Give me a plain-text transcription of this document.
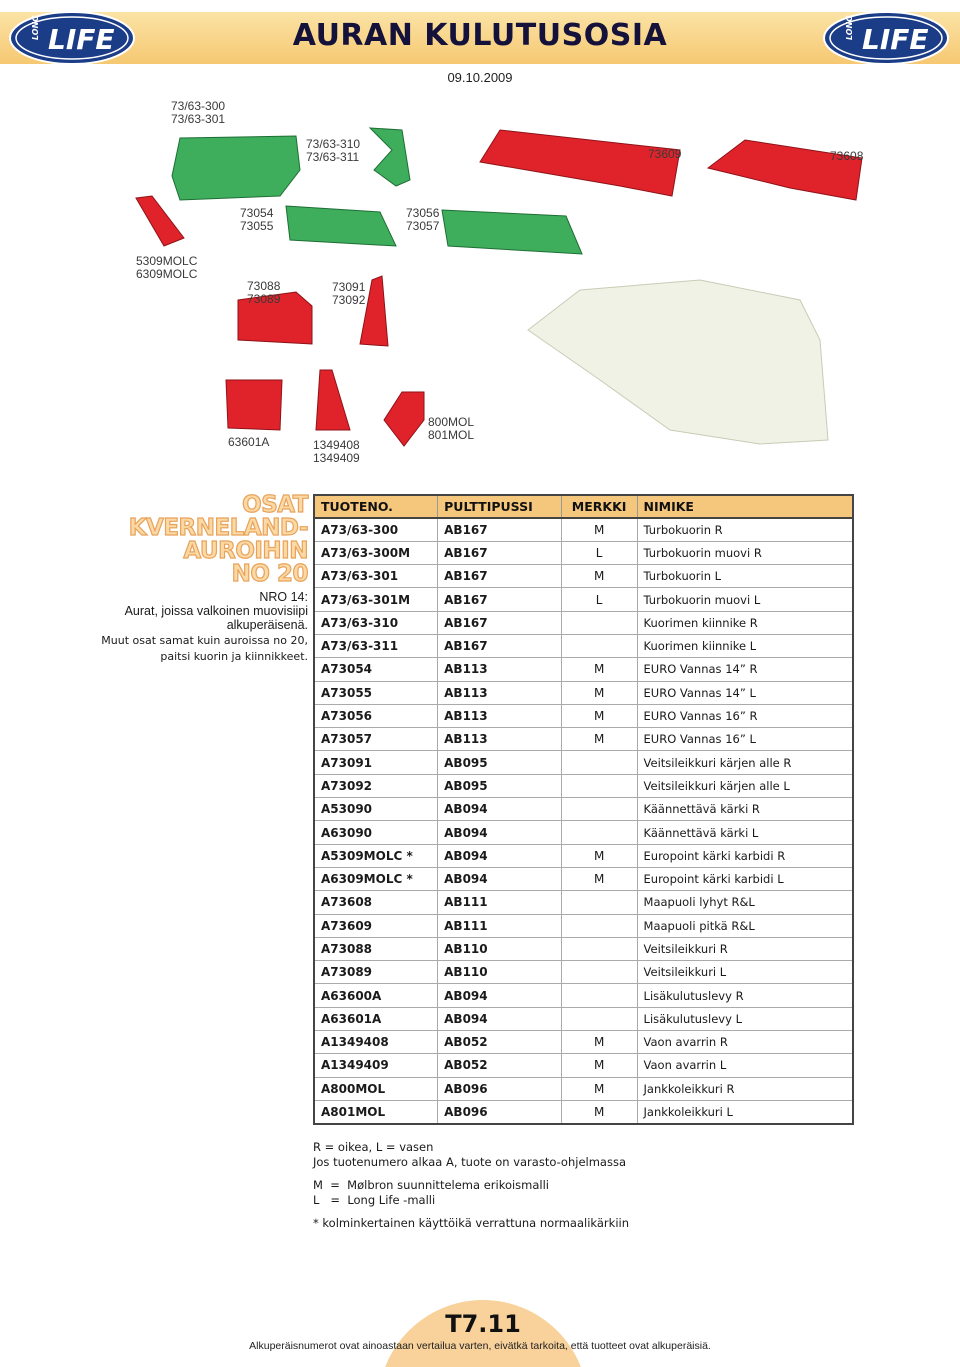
LONG LIFE	LONG LIFE
AURAN KULUTUSOSIA
09.10.2009
73/63-300
73/63-301
73/63-310
73/63-311	73609	73608
73054
73055
73056
73057
5309MOLC
6309MOLC
73088
73089
73091
73092
63601A	1349408
1349409
800MOL
801MOL
OSAT
KVERNELAND-
AUROIHIN
NO 20
NRO 14:
Aurat, joissa valkoinen muovisiipi
alkuperäisenä.
Muut osat samat kuin auroissa no 20,
paitsi kuorin ja kiinnikkeet.
TUOTENO.	PULTTIPUSSI	MERKKI	NIMIKE
A73/63-300	AB167	M	Turbokuorin R
A73/63-300M	AB167	L	Turbokuorin muovi R
A73/63-301	AB167	M	Turbokuorin L
A73/63-301M	AB167	L	Turbokuorin muovi L
A73/63-310	AB167		Kuorimen kiinnike R
A73/63-311	AB167		Kuorimen kiinnike L
A73054	AB113	M	EURO Vannas 14” R
A73055	AB113	M	EURO Vannas 14” L
A73056	AB113	M	EURO Vannas 16” R
A73057	AB113	M	EURO Vannas 16” L
A73091	AB095		Veitsileikkuri kärjen alle R
A73092	AB095		Veitsileikkuri kärjen alle L
A53090	AB094		Käännettävä kärki R
A63090	AB094		Käännettävä kärki L
A5309MOLC *	AB094	M	Europoint kärki karbidi R
A6309MOLC *	AB094	M	Europoint kärki karbidi L
A73608	AB111		Maapuoli lyhyt R&L
A73609	AB111		Maapuoli pitkä R&L
A73088	AB110		Veitsileikkuri R
A73089	AB110		Veitsileikkuri L
A63600A	AB094		Lisäkulutuslevy R
A63601A	AB094		Lisäkulutuslevy L
A1349408	AB052	M	Vaon avarrin R
A1349409	AB052	M	Vaon avarrin L
A800MOL	AB096	M	Jankkoleikkuri R
A801MOL	AB096	M	Jankkoleikkuri L
R = oikea, L = vasen
Jos tuotenumero alkaa A, tuote on varasto-ohjelmassa
M  =  Mølbron suunnittelema erikoismalli
L   =  Long Life -malli
* kolminkertainen käyttöikä verrattuna normaalikärkiin
T7.11
Alkuperäisnumerot ovat ainoastaan vertailua varten, eivätkä tarkoita, että tuotteet ovat alkuperäisiä.
